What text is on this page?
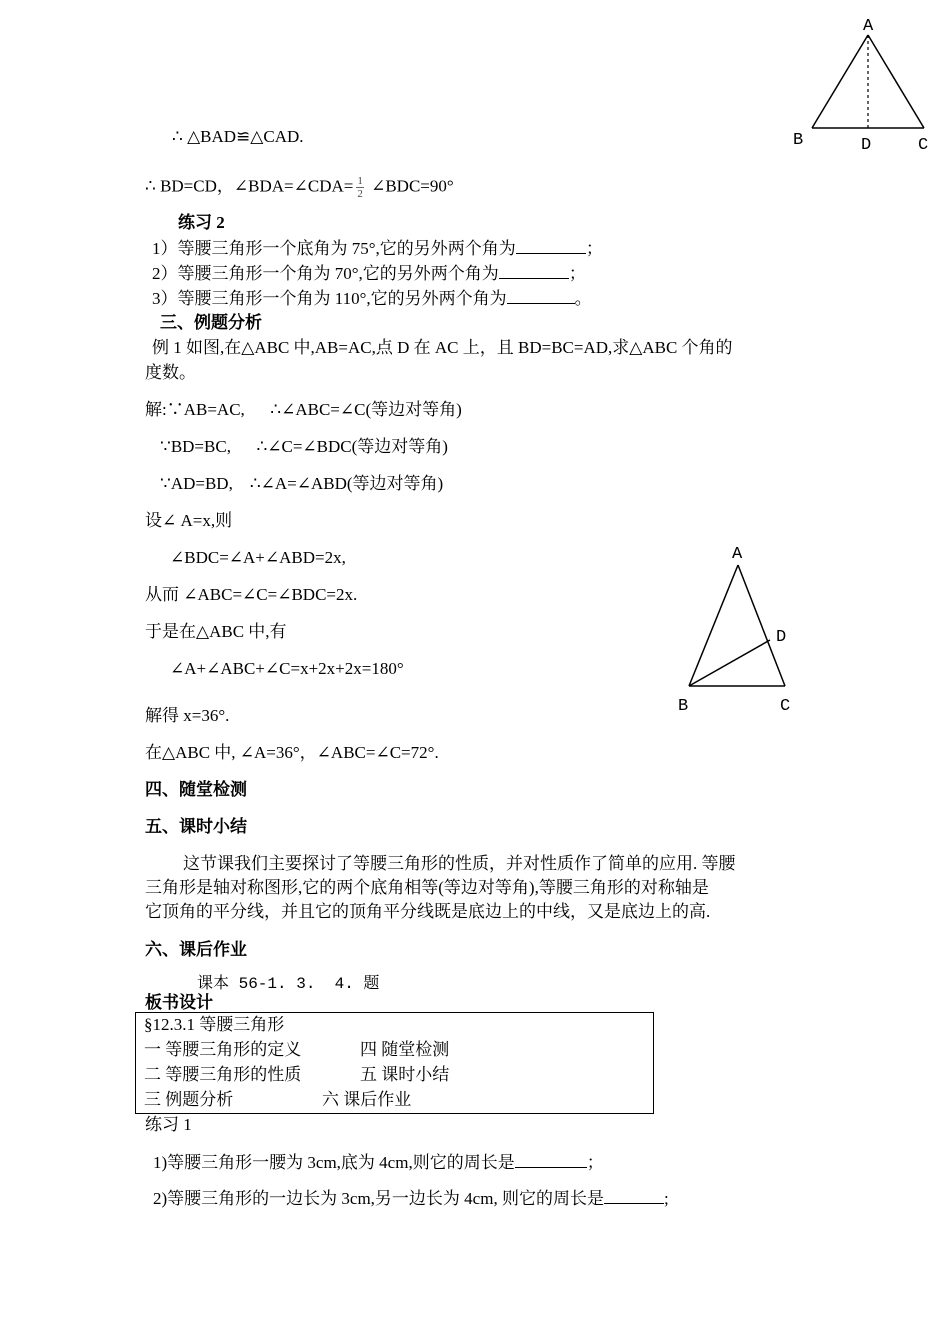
A
B	D	C
A
D
B	C
∴ △BAD≌△CAD.
∴ BD=CD，∠BDA=∠CDA= $\frac{1}{2}$ ∠BDC=90°
练习 2
1）等腰三角形一个底角为 75°,它的另外两个角为	；
2）等腰三角形一个角为 70°,它的另外两个角为	；
3）等腰三角形一个角为 110°,它的另外两个角为	。
三、例题分析
例 1 如图,在△ABC 中,AB=AC,点 D 在 AC 上，且 BD=BC=AD,求△ABC 个角的
度数。
解:∵AB=AC,      ∴∠ABC=∠C(等边对等角)
∵BD=BC,      ∴∠C=∠BDC(等边对等角)
∵AD=BD,    ∴∠A=∠ABD(等边对等角)
设∠ A=x,则
∠BDC=∠A+∠ABD=2x,
从而 ∠ABC=∠C=∠BDC=2x.
于是在△ABC 中,有
∠A+∠ABC+∠C=x+2x+2x=180°
解得 x=36°.
在△ABC 中, ∠A=36°，∠ABC=∠C=72°.
四、随堂检测
五、课时小结
这节课我们主要探讨了等腰三角形的性质，并对性质作了简单的应用. 等腰
三角形是轴对称图形,它的两个底角相等(等边对等角),等腰三角形的对称轴是
它顶角的平分线，并且它的顶角平分线既是底边上的中线，又是底边上的高.
六、课后作业
课本 56-1. 3.  4. 题
板书设计
§12.3.1 等腰三角形
一 等腰三角形的定义	四 随堂检测
二 等腰三角形的性质	五 课时小结
三 例题分析	六 课后作业
练习 1
1)等腰三角形一腰为 3cm,底为 4cm,则它的周长是	；
2)等腰三角形的一边长为 3cm,另一边长为 4cm, 则它的周长是	;
